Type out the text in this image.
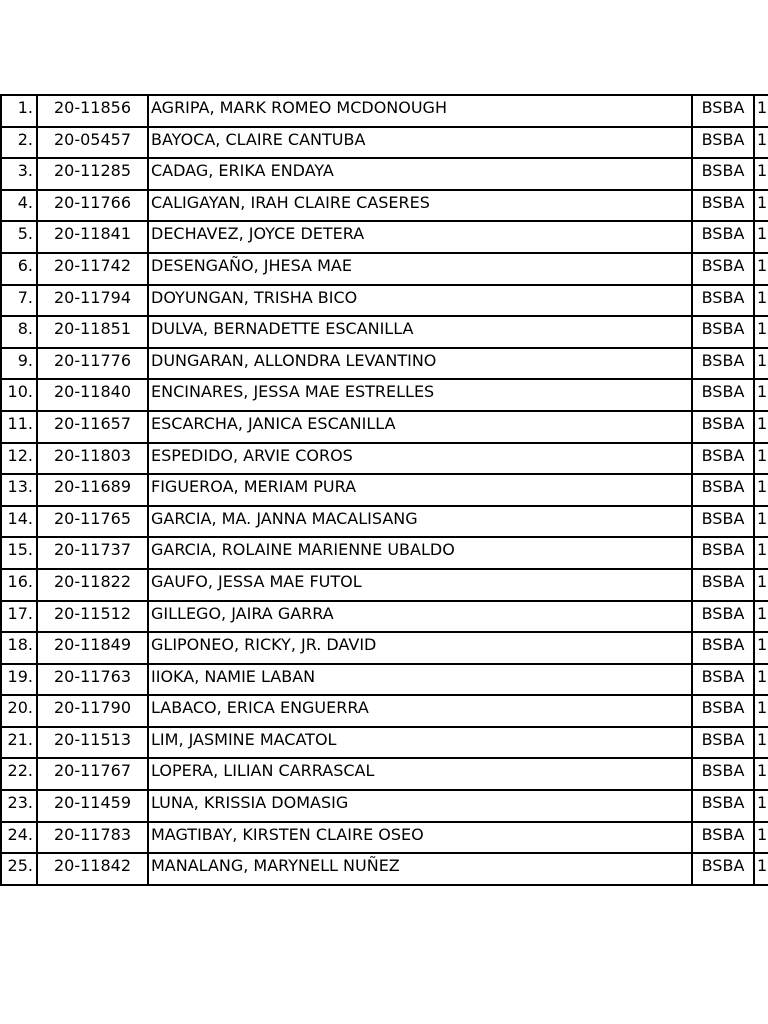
1.	20-11856	AGRIPA, MARK ROMEO MCDONOUGH	BSBA	1
2.	20-05457	BAYOCA, CLAIRE CANTUBA	BSBA	1
3.	20-11285	CADAG, ERIKA ENDAYA	BSBA	1
4.	20-11766	CALIGAYAN, IRAH CLAIRE CASERES	BSBA	1
5.	20-11841	DECHAVEZ, JOYCE DETERA	BSBA	1
6.	20-11742	DESENGAÑO, JHESA MAE	BSBA	1
7.	20-11794	DOYUNGAN, TRISHA BICO	BSBA	1
8.	20-11851	DULVA, BERNADETTE ESCANILLA	BSBA	1
9.	20-11776	DUNGARAN, ALLONDRA LEVANTINO	BSBA	1
10.	20-11840	ENCINARES, JESSA MAE ESTRELLES	BSBA	1
11.	20-11657	ESCARCHA, JANICA ESCANILLA	BSBA	1
12.	20-11803	ESPEDIDO, ARVIE COROS	BSBA	1
13.	20-11689	FIGUEROA, MERIAM PURA	BSBA	1
14.	20-11765	GARCIA, MA. JANNA MACALISANG	BSBA	1
15.	20-11737	GARCIA, ROLAINE MARIENNE UBALDO	BSBA	1
16.	20-11822	GAUFO, JESSA MAE FUTOL	BSBA	1
17.	20-11512	GILLEGO, JAIRA GARRA	BSBA	1
18.	20-11849	GLIPONEO, RICKY, JR. DAVID	BSBA	1
19.	20-11763	IIOKA, NAMIE LABAN	BSBA	1
20.	20-11790	LABACO, ERICA ENGUERRA	BSBA	1
21.	20-11513	LIM, JASMINE MACATOL	BSBA	1
22.	20-11767	LOPERA, LILIAN CARRASCAL	BSBA	1
23.	20-11459	LUNA, KRISSIA DOMASIG	BSBA	1
24.	20-11783	MAGTIBAY, KIRSTEN CLAIRE OSEO	BSBA	1
25.	20-11842	MANALANG, MARYNELL NUÑEZ	BSBA	1
